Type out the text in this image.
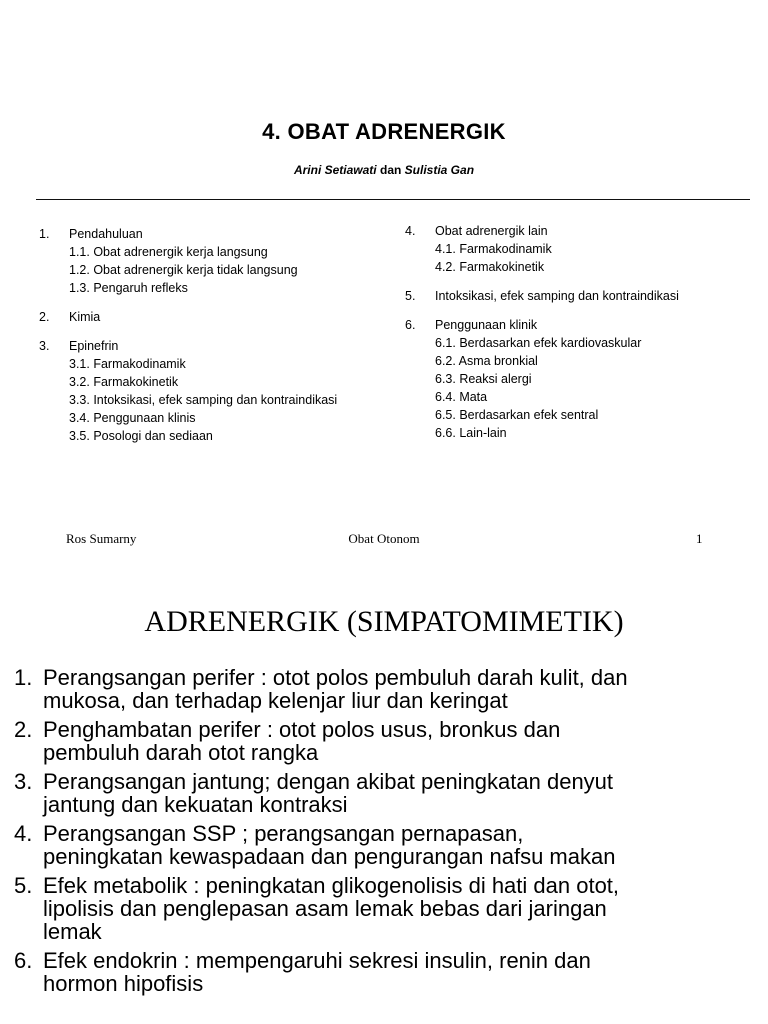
4. OBAT ADRENERGIK
Arini Setiawati dan Sulistia Gan
1. Pendahuluan
1.1. Obat adrenergik kerja langsung
1.2. Obat adrenergik kerja tidak langsung
1.3. Pengaruh refleks
2. Kimia
3. Epinefrin
3.1. Farmakodinamik
3.2. Farmakokinetik
3.3. Intoksikasi, efek samping dan kontraindikasi
3.4. Penggunaan klinis
3.5. Posologi dan sediaan
4. Obat adrenergik lain
4.1. Farmakodinamik
4.2. Farmakokinetik
5. Intoksikasi, efek samping dan kontraindikasi
6. Penggunaan klinik
6.1. Berdasarkan efek kardiovaskular
6.2. Asma bronkial
6.3. Reaksi alergi
6.4. Mata
6.5. Berdasarkan efek sentral
6.6. Lain-lain
Ros Sumarny	Obat Otonom	1
ADRENERGIK (SIMPATOMIMETIK)
1. Perangsangan perifer : otot polos pembuluh darah kulit, dan
mukosa, dan terhadap kelenjar liur dan keringat
2. Penghambatan perifer : otot polos usus, bronkus dan
pembuluh darah otot rangka
3. Perangsangan jantung; dengan akibat peningkatan denyut
jantung dan kekuatan kontraksi
4. Perangsangan SSP ; perangsangan pernapasan,
peningkatan kewaspadaan dan pengurangan nafsu makan
5. Efek metabolik : peningkatan glikogenolisis di hati dan otot,
lipolisis dan penglepasan asam lemak bebas dari jaringan
lemak
6. Efek endokrin : mempengaruhi sekresi insulin, renin dan
hormon hipofisis
